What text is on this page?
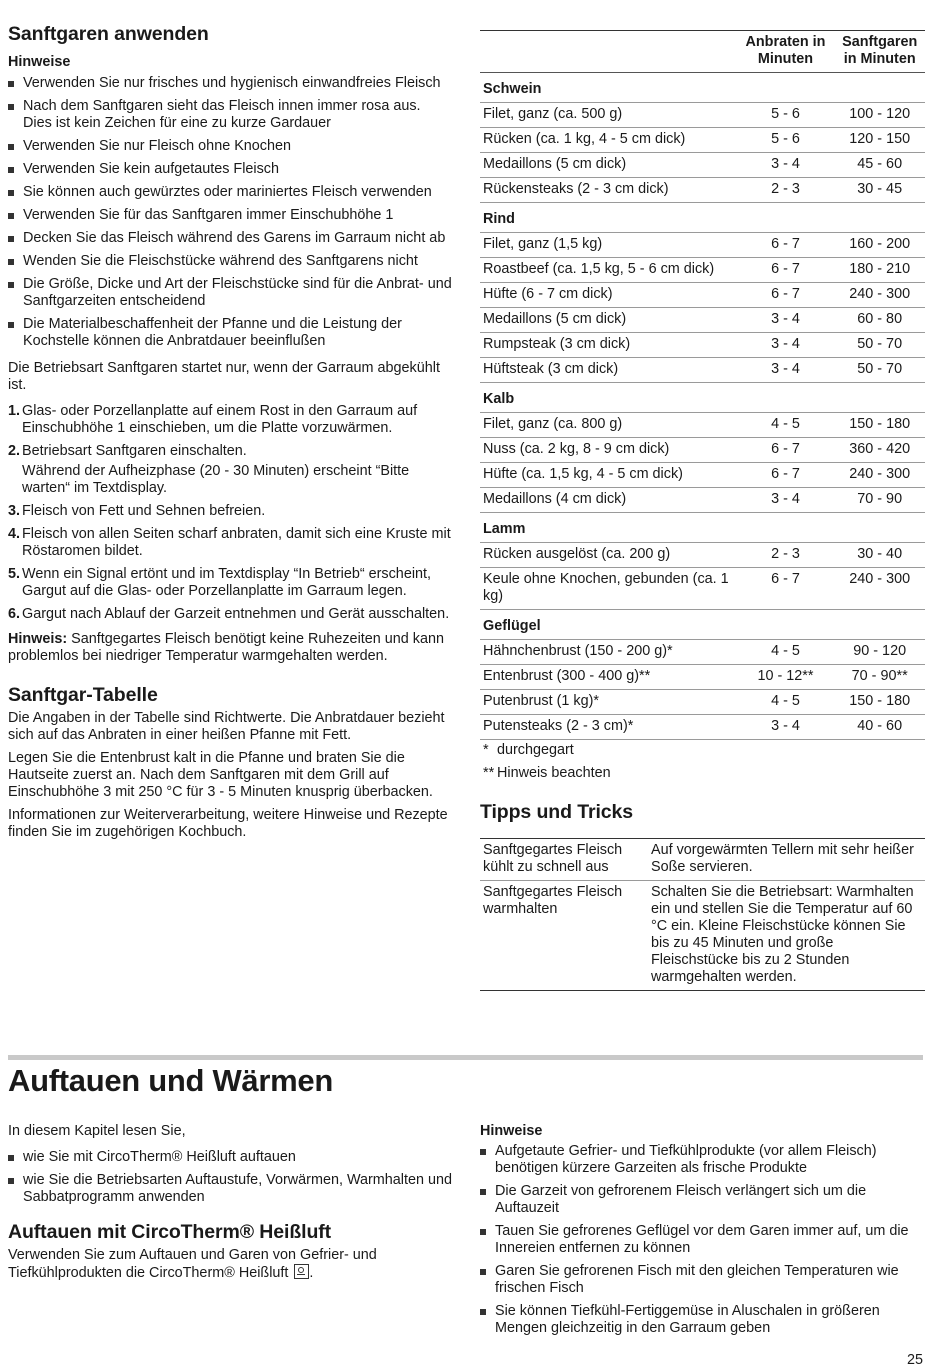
Sanftgaren anwenden
Hinweise
Verwenden Sie nur frisches und hygienisch einwandfreies Fleisch
Nach dem Sanftgaren sieht das Fleisch innen immer rosa aus. Dies ist kein Zeichen für eine zu kurze Gardauer
Verwenden Sie nur Fleisch ohne Knochen
Verwenden Sie kein aufgetautes Fleisch
Sie können auch gewürztes oder mariniertes Fleisch verwenden
Verwenden Sie für das Sanftgaren immer Einschubhöhe 1
Decken Sie das Fleisch während des Garens im Garraum nicht ab
Wenden Sie die Fleischstücke während des Sanftgarens nicht
Die Größe, Dicke und Art der Fleischstücke sind für die Anbrat- und Sanftgarzeiten entscheidend
Die Materialbeschaffenheit der Pfanne und die Leistung der Kochstelle können die Anbratdauer beeinflußen

Die Betriebsart Sanftgaren startet nur, wenn der Garraum abgekühlt ist.

1. Glas- oder Porzellanplatte auf einem Rost in den Garraum auf Einschubhöhe 1 einschieben, um die Platte vorzuwärmen.
2. Betriebsart Sanftgaren einschalten.
Während der Aufheizphase (20 - 30 Minuten) erscheint “Bitte warten“ im Textdisplay.
3. Fleisch von Fett und Sehnen befreien.
4. Fleisch von allen Seiten scharf anbraten, damit sich eine Kruste mit Röstaromen bildet.
5. Wenn ein Signal ertönt und im Textdisplay “In Betrieb“ erscheint, Gargut auf die Glas- oder Porzellanplatte im Garraum legen.
6. Gargut nach Ablauf der Garzeit entnehmen und Gerät ausschalten.

Hinweis: Sanftgegartes Fleisch benötigt keine Ruhezeiten und kann problemlos bei niedriger Temperatur warmgehalten werden.

Sanftgar-Tabelle

Die Angaben in der Tabelle sind Richtwerte. Die Anbratdauer bezieht sich auf das Anbraten in einer heißen Pfanne mit Fett.

Legen Sie die Entenbrust kalt in die Pfanne und braten Sie die Hautseite zuerst an. Nach dem Sanftgaren mit dem Grill auf Einschubhöhe 3 mit 250 °C für 3 - 5 Minuten knusprig überbacken.

Informationen zur Weiterverarbeitung, weitere Hinweise und Rezepte finden Sie im zugehörigen Kochbuch.

	Anbraten in Minuten	Sanftgaren in Minuten
Schwein		
Filet, ganz (ca. 500 g)	5 - 6	100 - 120
Rücken (ca. 1 kg, 4 - 5 cm dick)	5 - 6	120 - 150
Medaillons (5 cm dick)	3 - 4	45 - 60
Rückensteaks (2 - 3 cm dick)	2 - 3	30 - 45
Rind		
Filet, ganz (1,5 kg)	6 - 7	160 - 200
Roastbeef (ca. 1,5 kg, 5 - 6 cm dick)	6 - 7	180 - 210
Hüfte (6 - 7 cm dick)	6 - 7	240 - 300
Medaillons (5 cm dick)	3 - 4	60 - 80
Rumpsteak (3 cm dick)	3 - 4	50 - 70
Hüftsteak (3 cm dick)	3 - 4	50 - 70
Kalb		
Filet, ganz (ca. 800 g)	4 - 5	150 - 180
Nuss (ca. 2 kg, 8 - 9 cm dick)	6 - 7	360 - 420
Hüfte (ca. 1,5 kg, 4 - 5 cm dick)	6 - 7	240 - 300
Medaillons (4 cm dick)	3 - 4	70 - 90
Lamm		
Rücken ausgelöst (ca. 200 g)	2 - 3	30 - 40
Keule ohne Knochen, gebunden (ca. 1 kg)	6 - 7	240 - 300
Geflügel		
Hähnchenbrust (150 - 200 g)*	4 - 5	90 - 120
Entenbrust (300 - 400 g)**	10 - 12**	70 - 90**
Putenbrust (1 kg)*	4 - 5	150 - 180
Putensteaks (2 - 3 cm)*	3 - 4	40 - 60
* durchgegart		
** Hinweis beachten		
Tipps und Tricks
Sanftgegartes Fleisch kühlt zu schnell aus	Auf vorgewärmten Tellern mit sehr heißer Soße servieren.
Sanftgegartes Fleisch warmhalten	Schalten Sie die Betriebsart: Warmhalten ein und stellen Sie die Temperatur auf 60 °C ein. Kleine Fleischstücke können Sie bis zu 45 Minuten und große Fleischstücke bis zu 2 Stunden warmgehalten werden.
Auftauen und Wärmen

In diesem Kapitel lesen Sie,

wie Sie mit CircoTherm® Heißluft auftauen
wie Sie die Betriebsarten Auftaustufe, Vorwärmen, Warmhalten und Sabbatprogramm anwenden
Auftauen mit CircoTherm® Heißluft

Verwenden Sie zum Auftauen und Garen von Gefrier- und Tiefkühlprodukten die CircoTherm® Heißluft .

Hinweise
Aufgetaute Gefrier- und Tiefkühlprodukte (vor allem Fleisch) benötigen kürzere Garzeiten als frische Produkte
Die Garzeit von gefrorenem Fleisch verlängert sich um die Auftauzeit
Tauen Sie gefrorenes Geflügel vor dem Garen immer auf, um die Innereien entfernen zu können
Garen Sie gefrorenen Fisch mit den gleichen Temperaturen wie frischen Fisch
Sie können Tiefkühl-Fertiggemüse in Aluschalen in größeren Mengen gleichzeitig in den Garraum geben
25
